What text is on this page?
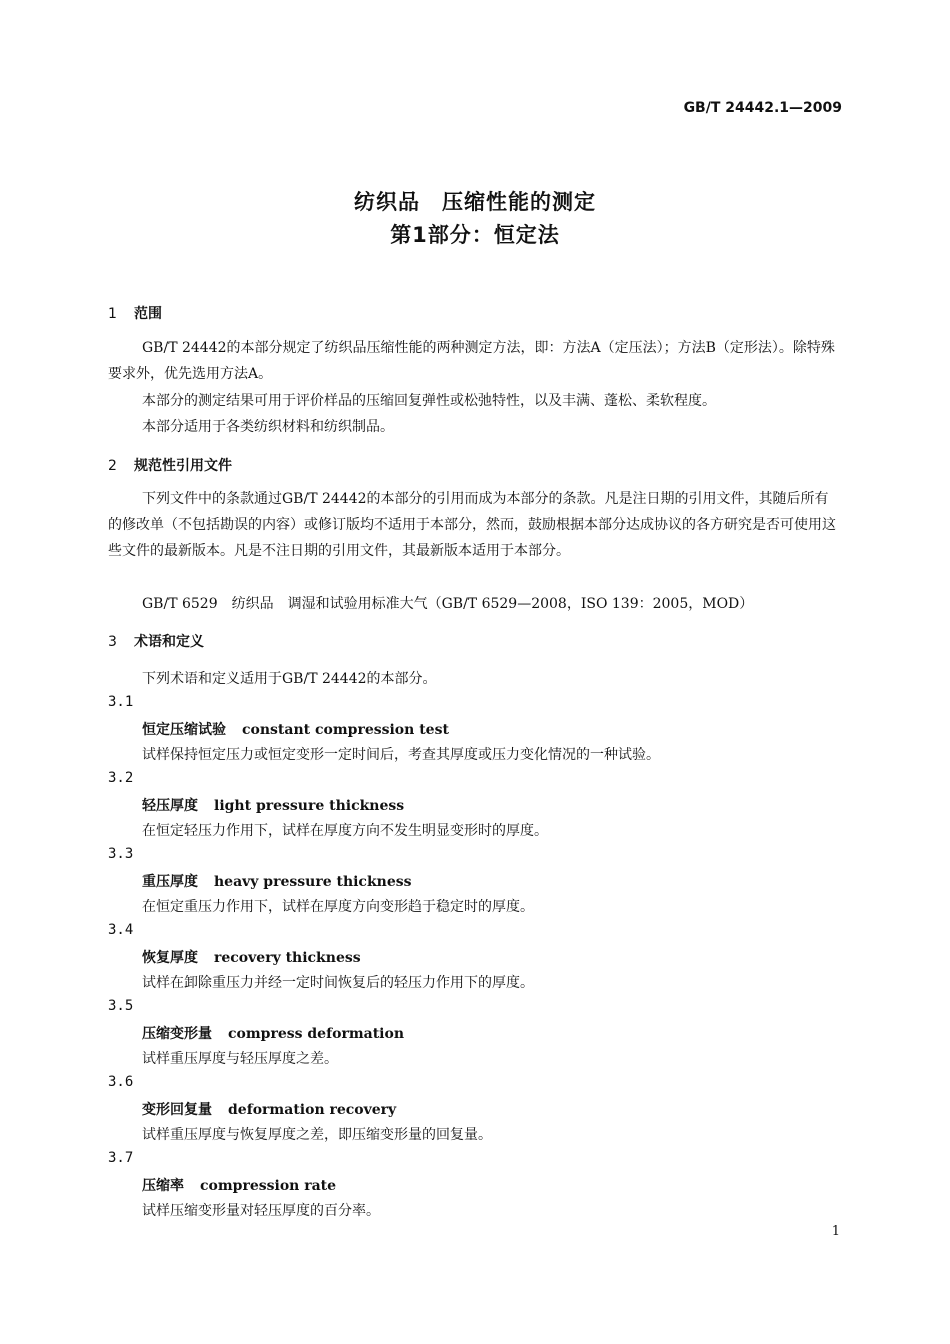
GB/T 24442.1—2009
纺织品　压缩性能的测定
第1部分：恒定法
1 范围
GB/T 24442的本部分规定了纺织品压缩性能的两种测定方法，即：方法A（定压法）；方法B（定形法）。除特殊要求外，优先选用方法A。
本部分的测定结果可用于评价样品的压缩回复弹性或松弛特性，以及丰满、蓬松、柔软程度。
本部分适用于各类纺织材料和纺织制品。
2 规范性引用文件
下列文件中的条款通过GB/T 24442的本部分的引用而成为本部分的条款。凡是注日期的引用文件，其随后所有的修改单（不包括勘误的内容）或修订版均不适用于本部分，然而，鼓励根据本部分达成协议的各方研究是否可使用这些文件的最新版本。凡是不注日期的引用文件，其最新版本适用于本部分。
GB/T 6529　纺织品　调湿和试验用标准大气（GB/T 6529—2008，ISO 139：2005，MOD）
3 术语和定义
下列术语和定义适用于GB/T 24442的本部分。
3.1
恒定压缩试验 constant compression test
试样保持恒定压力或恒定变形一定时间后，考查其厚度或压力变化情况的一种试验。
3.2
轻压厚度 light pressure thickness
在恒定轻压力作用下，试样在厚度方向不发生明显变形时的厚度。
3.3
重压厚度 heavy pressure thickness
在恒定重压力作用下，试样在厚度方向变形趋于稳定时的厚度。
3.4
恢复厚度 recovery thickness
试样在卸除重压力并经一定时间恢复后的轻压力作用下的厚度。
3.5
压缩变形量 compress deformation
试样重压厚度与轻压厚度之差。
3.6
变形回复量 deformation recovery
试样重压厚度与恢复厚度之差，即压缩变形量的回复量。
3.7
压缩率 compression rate
试样压缩变形量对轻压厚度的百分率。
1
